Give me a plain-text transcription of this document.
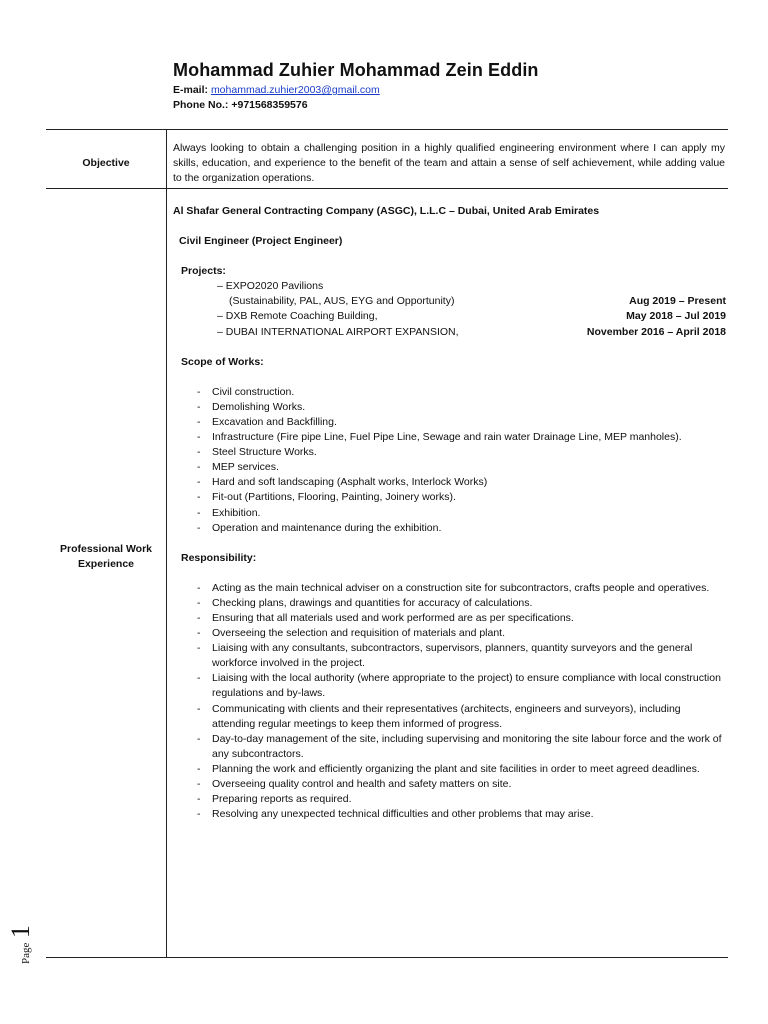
Mohammad Zuhier Mohammad Zein Eddin
E-mail: mohammad.zuhier2003@gmail.com
Phone No.: +971568359576
Objective
Always looking to obtain a challenging position in a highly qualified engineering environment where I can apply my skills, education, and experience to the benefit of the team and attain a sense of self achievement, while adding value to the organization operations.
Professional Work Experience
Al Shafar General Contracting Company (ASGC), L.L.C – Dubai, United Arab Emirates
Civil Engineer (Project Engineer)
Projects:
– EXPO2020 Pavilions
(Sustainability, PAL, AUS, EYG and Opportunity)	Aug 2019 – Present
– DXB Remote Coaching Building,	May 2018 – Jul 2019
– DUBAI INTERNATIONAL AIRPORT EXPANSION,	November 2016 – April 2018
Scope of Works:
- Civil construction.
- Demolishing Works.
- Excavation and Backfilling.
- Infrastructure (Fire pipe Line, Fuel Pipe Line, Sewage and rain water Drainage Line, MEP manholes).
- Steel Structure Works.
- MEP services.
- Hard and soft landscaping (Asphalt works, Interlock Works)
- Fit-out (Partitions, Flooring, Painting, Joinery works).
- Exhibition.
- Operation and maintenance during the exhibition.
Responsibility:
- Acting as the main technical adviser on a construction site for subcontractors, crafts people and operatives.
- Checking plans, drawings and quantities for accuracy of calculations.
- Ensuring that all materials used and work performed are as per specifications.
- Overseeing the selection and requisition of materials and plant.
- Liaising with any consultants, subcontractors, supervisors, planners, quantity surveyors and the general workforce involved in the project.
- Liaising with the local authority (where appropriate to the project) to ensure compliance with local construction regulations and by-laws.
- Communicating with clients and their representatives (architects, engineers and surveyors), including attending regular meetings to keep them informed of progress.
- Day-to-day management of the site, including supervising and monitoring the site labour force and the work of any subcontractors.
- Planning the work and efficiently organizing the plant and site facilities in order to meet agreed deadlines.
- Overseeing quality control and health and safety matters on site.
- Preparing reports as required.
- Resolving any unexpected technical difficulties and other problems that may arise.
Page 1
